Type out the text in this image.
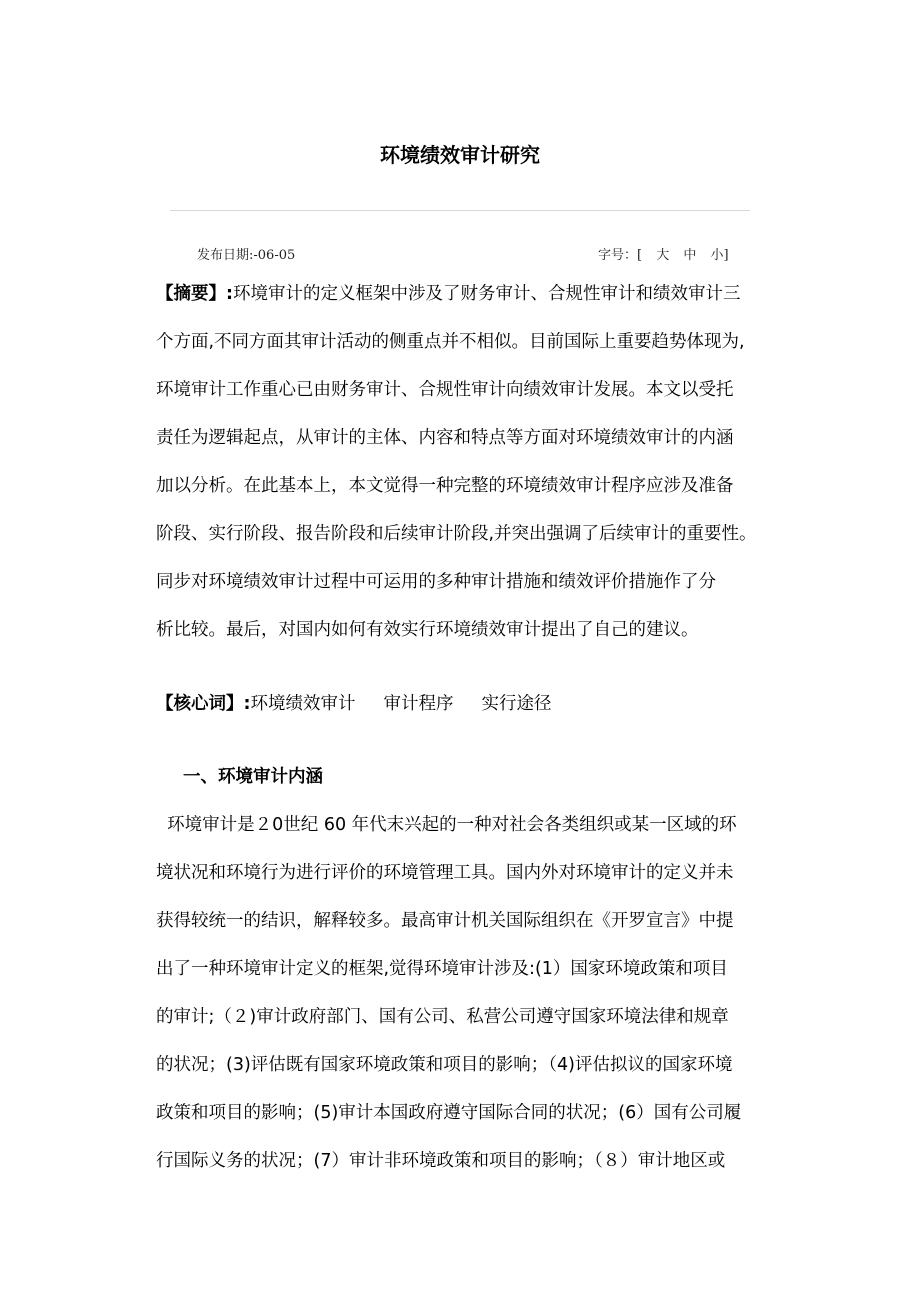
环境绩效审计研究
发布日期:-06-05	字号：[ 大 中 小]
【摘要】:环境审计的定义框架中涉及了财务审计、合规性审计和绩效审计三
个方面,不同方面其审计活动的侧重点并不相似。目前国际上重要趋势体现为,
环境审计工作重心已由财务审计、合规性审计向绩效审计发展。本文以受托
责任为逻辑起点，从审计的主体、内容和特点等方面对环境绩效审计的内涵
加以分析。在此基本上，本文觉得一种完整的环境绩效审计程序应涉及准备
阶段、实行阶段、报告阶段和后续审计阶段,并突出强调了后续审计的重要性。
同步对环境绩效审计过程中可运用的多种审计措施和绩效评价措施作了分
析比较。最后，对国内如何有效实行环境绩效审计提出了自己的建议。
【核心词】:环境绩效审计 审计程序 实行途径
一、环境审计内涵
环境审计是２0世纪 60 年代末兴起的一种对社会各类组织或某一区域的环
境状况和环境行为进行评价的环境管理工具。国内外对环境审计的定义并未
获得较统一的结识，解释较多。最高审计机关国际组织在《开罗宣言》中提
出了一种环境审计定义的框架,觉得环境审计涉及:(1）国家环境政策和项目
的审计;（２)审计政府部门、国有公司、私营公司遵守国家环境法律和规章
的状况；(3)评估既有国家环境政策和项目的影响；（4)评估拟议的国家环境
政策和项目的影响；(5)审计本国政府遵守国际合同的状况；(6）国有公司履
行国际义务的状况；(7）审计非环境政策和项目的影响；（８）审计地区或
